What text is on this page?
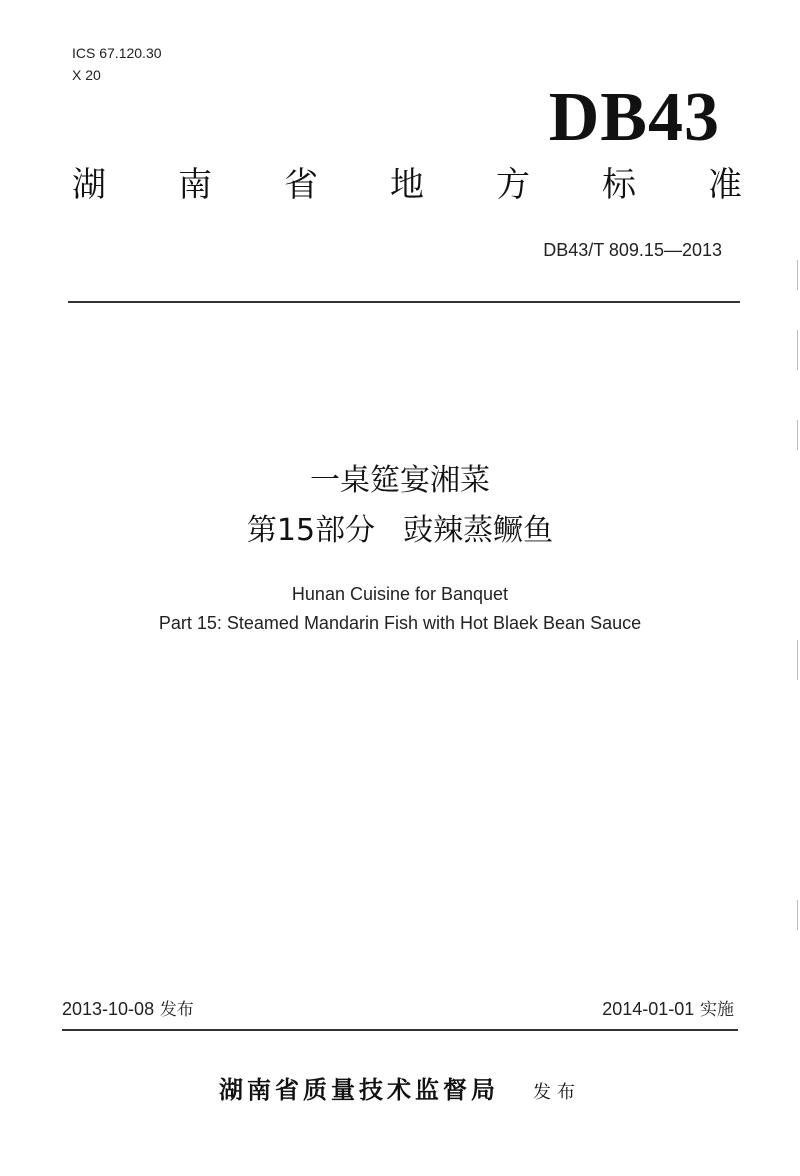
ICS 67.120.30
X 20
DB43
湖 南 省 地 方 标 准
DB43/T 809.15—2013
一桌筵宴湘菜
第15部分 豉辣蒸鳜鱼
Hunan Cuisine for Banquet
Part 15: Steamed Mandarin Fish with Hot Blaek Bean Sauce
2013-10-08 发布	2014-01-01 实施
湖南省质量技术监督局 发布
